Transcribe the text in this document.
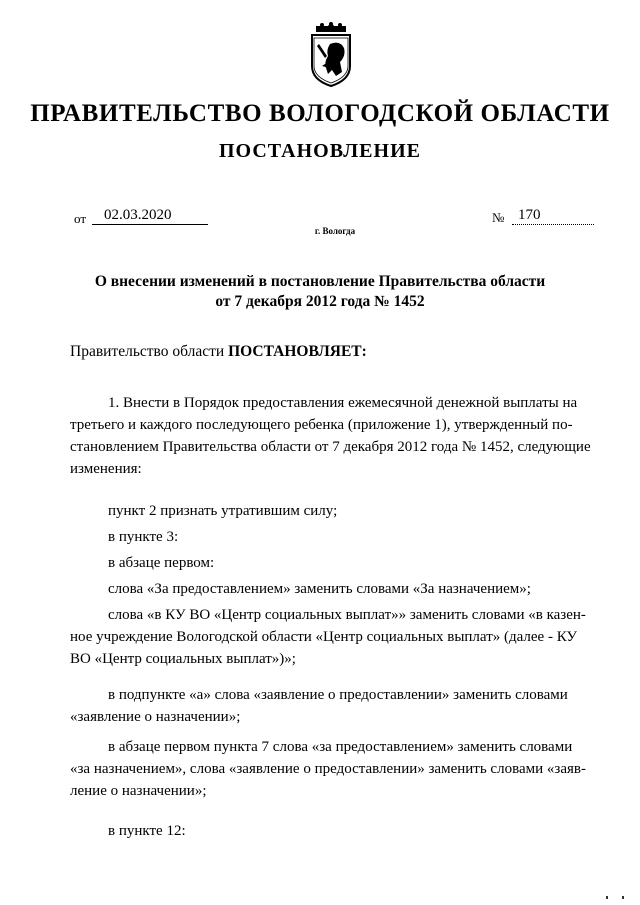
ПРАВИТЕЛЬСТВО ВОЛОГОДСКОЙ ОБЛАСТИ
ПОСТАНОВЛЕНИЕ
от	02.03.2020	№ 170
г. Вологда
О внесении изменений в постановление Правительства области
от 7 декабря 2012 года № 1452
Правительство области ПОСТАНОВЛЯЕТ:
1. Внести в Порядок предоставления ежемесячной денежной выплаты на
третьего и каждого последующего ребенка (приложение 1), утвержденный по-
становлением Правительства области от 7 декабря 2012 года № 1452, следующие
изменения:
пункт 2 признать утратившим силу;
в пункте 3:
в абзаце первом:
слова «За предоставлением» заменить словами «За назначением»;
слова «в КУ ВО «Центр социальных выплат»» заменить словами «в казен-
ное учреждение Вологодской области «Центр социальных выплат» (далее - КУ
ВО «Центр социальных выплат»)»;
в подпункте «а» слова «заявление о предоставлении» заменить словами
«заявление о назначении»;
в абзаце первом пункта 7 слова «за предоставлением» заменить словами
«за назначением», слова «заявление о предоставлении» заменить словами «заяв-
ление о назначении»;
в пункте 12:
